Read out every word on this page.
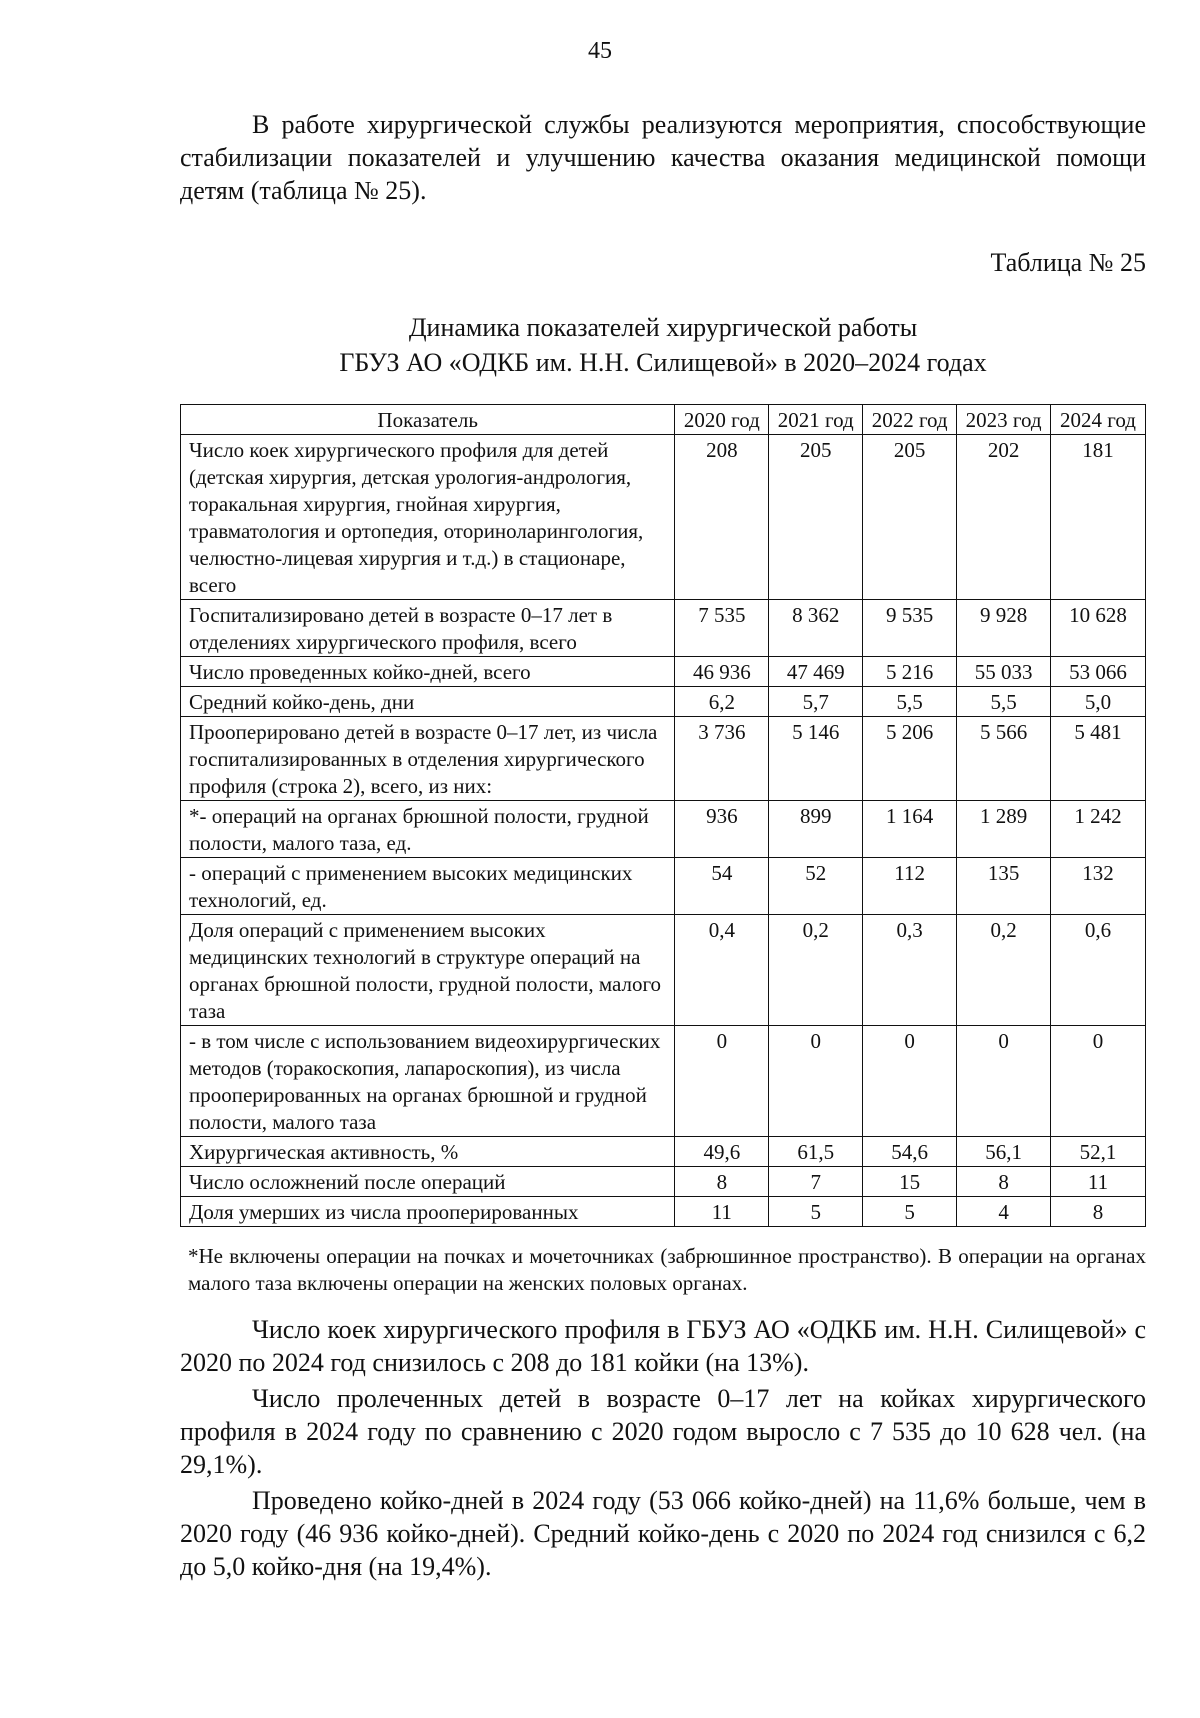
45

В работе хирургической службы реализуются мероприятия, способствующие стабилизации показателей и улучшению качества оказания медицинской помощи детям (таблица № 25).

Таблица № 25
Динамика показателей хирургической работы
ГБУЗ АО «ОДКБ им. Н.Н. Силищевой» в 2020–2024 годах
Показатель	2020 год	2021 год	2022 год	2023 год	2024 год
Число коек хирургического профиля для детей (детская хирургия, детская урология-андрология, торакальная хирургия, гнойная хирургия, травматология и ортопедия, оториноларингология, челюстно-лицевая хирургия и т.д.) в стационаре, всего	208	205	205	202	181
Госпитализировано детей в возрасте 0–17 лет в отделениях хирургического профиля, всего	7 535	8 362	9 535	9 928	10 628
Число проведенных койко-дней, всего	46 936	47 469	5 216	55 033	53 066
Средний койко-день, дни	6,2	5,7	5,5	5,5	5,0
Прооперировано детей в возрасте 0–17 лет, из числа госпитализированных в отделения хирургического профиля (строка 2), всего, из них:	3 736	5 146	5 206	5 566	5 481
*- операций на органах брюшной полости, грудной полости, малого таза, ед.	936	899	1 164	1 289	1 242
- операций с применением высоких медицинских технологий, ед.	54	52	112	135	132
Доля операций с применением высоких медицинских технологий в структуре операций на органах брюшной полости, грудной полости, малого таза	0,4	0,2	0,3	0,2	0,6
- в том числе с использованием видеохирургических методов (торакоскопия, лапароскопия), из числа прооперированных на органах брюшной и грудной полости, малого таза	0	0	0	0	0
Хирургическая активность, %	49,6	61,5	54,6	56,1	52,1
Число осложнений после операций	8	7	15	8	11
Доля умерших из числа прооперированных	11	5	5	4	8
*Не включены операции на почках и мочеточниках (забрюшинное пространство). В операции на органах малого таза включены операции на женских половых органах.

Число коек хирургического профиля в ГБУЗ АО «ОДКБ им. Н.Н. Силищевой» с 2020 по 2024 год снизилось с 208 до 181 койки (на 13%).

Число пролеченных детей в возрасте 0–17 лет на койках хирургического профиля в 2024 году по сравнению с 2020 годом выросло с 7 535 до 10 628 чел. (на 29,1%).

Проведено койко-дней в 2024 году (53 066 койко-дней) на 11,6% больше, чем в 2020 году (46 936 койко-дней). Средний койко-день с 2020 по 2024 год снизился с 6,2 до 5,0 койко-дня (на 19,4%).
